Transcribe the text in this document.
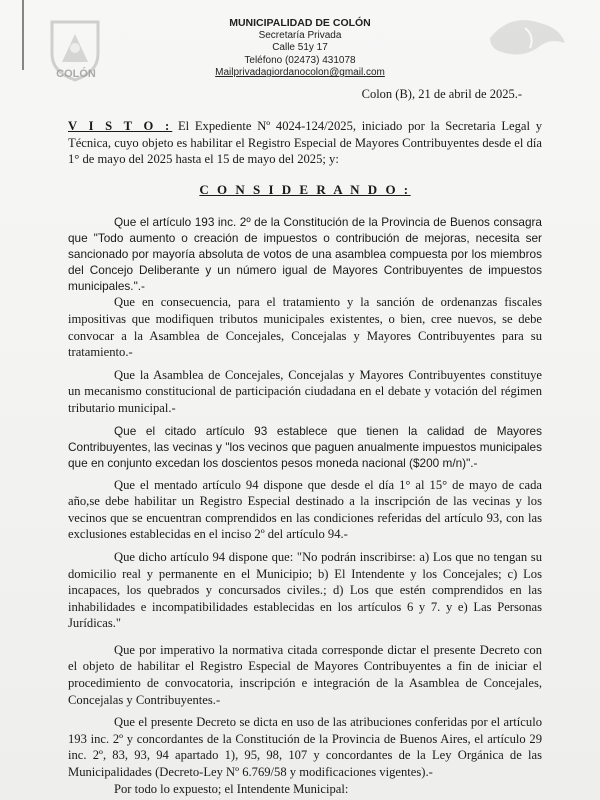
COLÓN
MUNICIPALIDAD DE COLÓN
Secretaría Privada
Calle 51y 17
Teléfono (02473) 431078
Mailprivadagiordanocolon@gmail.com
Colon (B), 21 de abril de 2025.-

V I S T O : El Expediente Nº 4024-124/2025, iniciado por la Secretaria Legal y Técnica, cuyo objeto es habilitar el Registro Especial de Mayores Contribuyentes desde el día 1° de mayo del 2025 hasta el 15 de mayo del 2025; y:

C O N S I D E R A N D O :

Que el artículo 193 inc. 2º de la Constitución de la Provincia de Buenos consagra que "Todo aumento o creación de impuestos o contribución de mejoras, necesita ser sancionado por mayoría absoluta de votos de una asamblea compuesta por los miembros del Concejo Deliberante y un número igual de Mayores Contribuyentes de impuestos municipales.".-

Que en consecuencia, para el tratamiento y la sanción de ordenanzas fiscales impositivas que modifiquen tributos municipales existentes, o bien, cree nuevos, se debe convocar a la Asamblea de Concejales, Concejalas y Mayores Contribuyentes para su tratamiento.-

Que la Asamblea de Concejales, Concejalas y Mayores Contribuyentes constituye un mecanismo constitucional de participación ciudadana en el debate y votación del régimen tributario municipal.-

Que el citado artículo 93 establece que tienen la calidad de Mayores Contribuyentes, las vecinas y "los vecinos que paguen anualmente impuestos municipales que en conjunto excedan los doscientos pesos moneda nacional ($200 m/n)".-

Que el mentado artículo 94 dispone que desde el día 1° al 15° de mayo de cada año,se debe habilitar un Registro Especial destinado a la inscripción de las vecinas y los vecinos que se encuentran comprendidos en las condiciones referidas del artículo 93, con las exclusiones establecidas en el inciso 2º del artículo 94.-

Que dicho artículo 94 dispone que: "No podrán inscribirse: a) Los que no tengan su domicilio real y permanente en el Municipio; b) El Intendente y los Concejales; c) Los incapaces, los quebrados y concursados civiles.; d) Los que estén comprendidos en las inhabilidades e incompatibilidades establecidas en los artículos 6 y 7. y e) Las Personas Jurídicas."

Que por imperativo la normativa citada corresponde dictar el presente Decreto con el objeto de habilitar el Registro Especial de Mayores Contribuyentes a fin de iniciar el procedimiento de convocatoria, inscripción e integración de la Asamblea de Concejales, Concejalas y Contribuyentes.-

Que el presente Decreto se dicta en uso de las atribuciones conferidas por el artículo 193 inc. 2º y concordantes de la Constitución de la Provincia de Buenos Aires, el artículo 29 inc. 2º, 83, 93, 94 apartado 1), 95, 98, 107 y concordantes de la Ley Orgánica de las Municipalidades (Decreto-Ley Nº 6.769/58 y modificaciones vigentes).-

Por todo lo expuesto; el Intendente Municipal:
